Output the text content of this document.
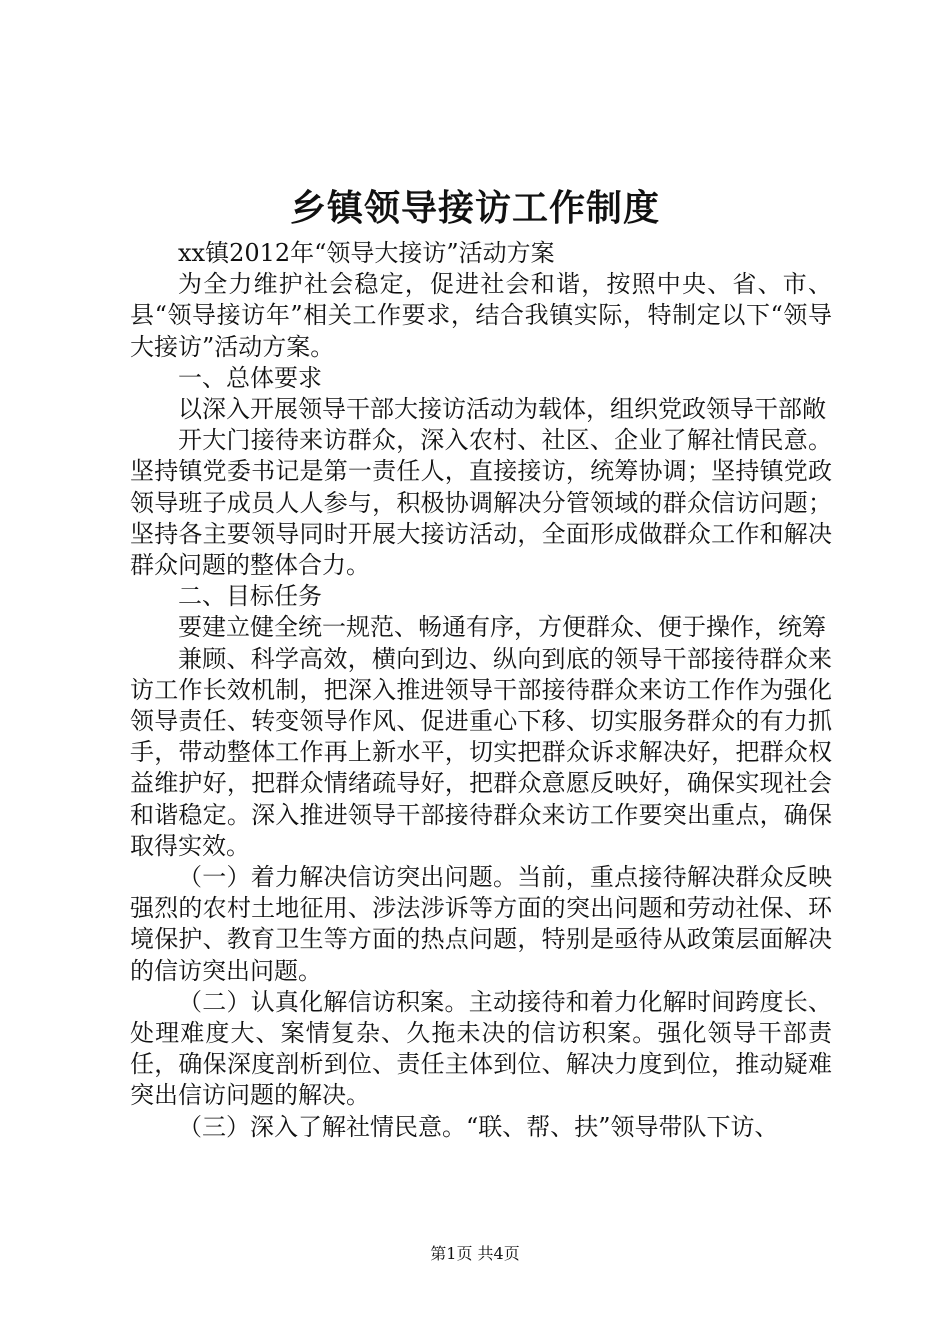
乡镇领导接访工作制度

xx镇2012年“领导大接访”活动方案

为全力维护社会稳定，促进社会和谐，按照中央、省、市、县“领导接访年”相关工作要求，结合我镇实际，特制定以下“领导大接访”活动方案。

一、总体要求

以深入开展领导干部大接访活动为载体，组织党政领导干部敞

开大门接待来访群众，深入农村、社区、企业了解社情民意。坚持镇党委书记是第一责任人，直接接访，统筹协调；坚持镇党政领导班子成员人人参与，积极协调解决分管领域的群众信访问题；坚持各主要领导同时开展大接访活动，全面形成做群众工作和解决群众问题的整体合力。

二、目标任务

要建立健全统一规范、畅通有序，方便群众、便于操作，统筹

兼顾、科学高效，横向到边、纵向到底的领导干部接待群众来访工作长效机制，把深入推进领导干部接待群众来访工作作为强化领导责任、转变领导作风、促进重心下移、切实服务群众的有力抓手，带动整体工作再上新水平，切实把群众诉求解决好，把群众权益维护好，把群众情绪疏导好，把群众意愿反映好，确保实现社会和谐稳定。深入推进领导干部接待群众来访工作要突出重点，确保取得实效。

（一）着力解决信访突出问题。当前，重点接待解决群众反映强烈的农村土地征用、涉法涉诉等方面的突出问题和劳动社保、环境保护、教育卫生等方面的热点问题，特别是亟待从政策层面解决的信访突出问题。

（二）认真化解信访积案。主动接待和着力化解时间跨度长、处理难度大、案情复杂、久拖未决的信访积案。强化领导干部责任，确保深度剖析到位、责任主体到位、解决力度到位，推动疑难突出信访问题的解决。

（三）深入了解社情民意。“联、帮、扶”领导带队下访、

第1页 共4页
